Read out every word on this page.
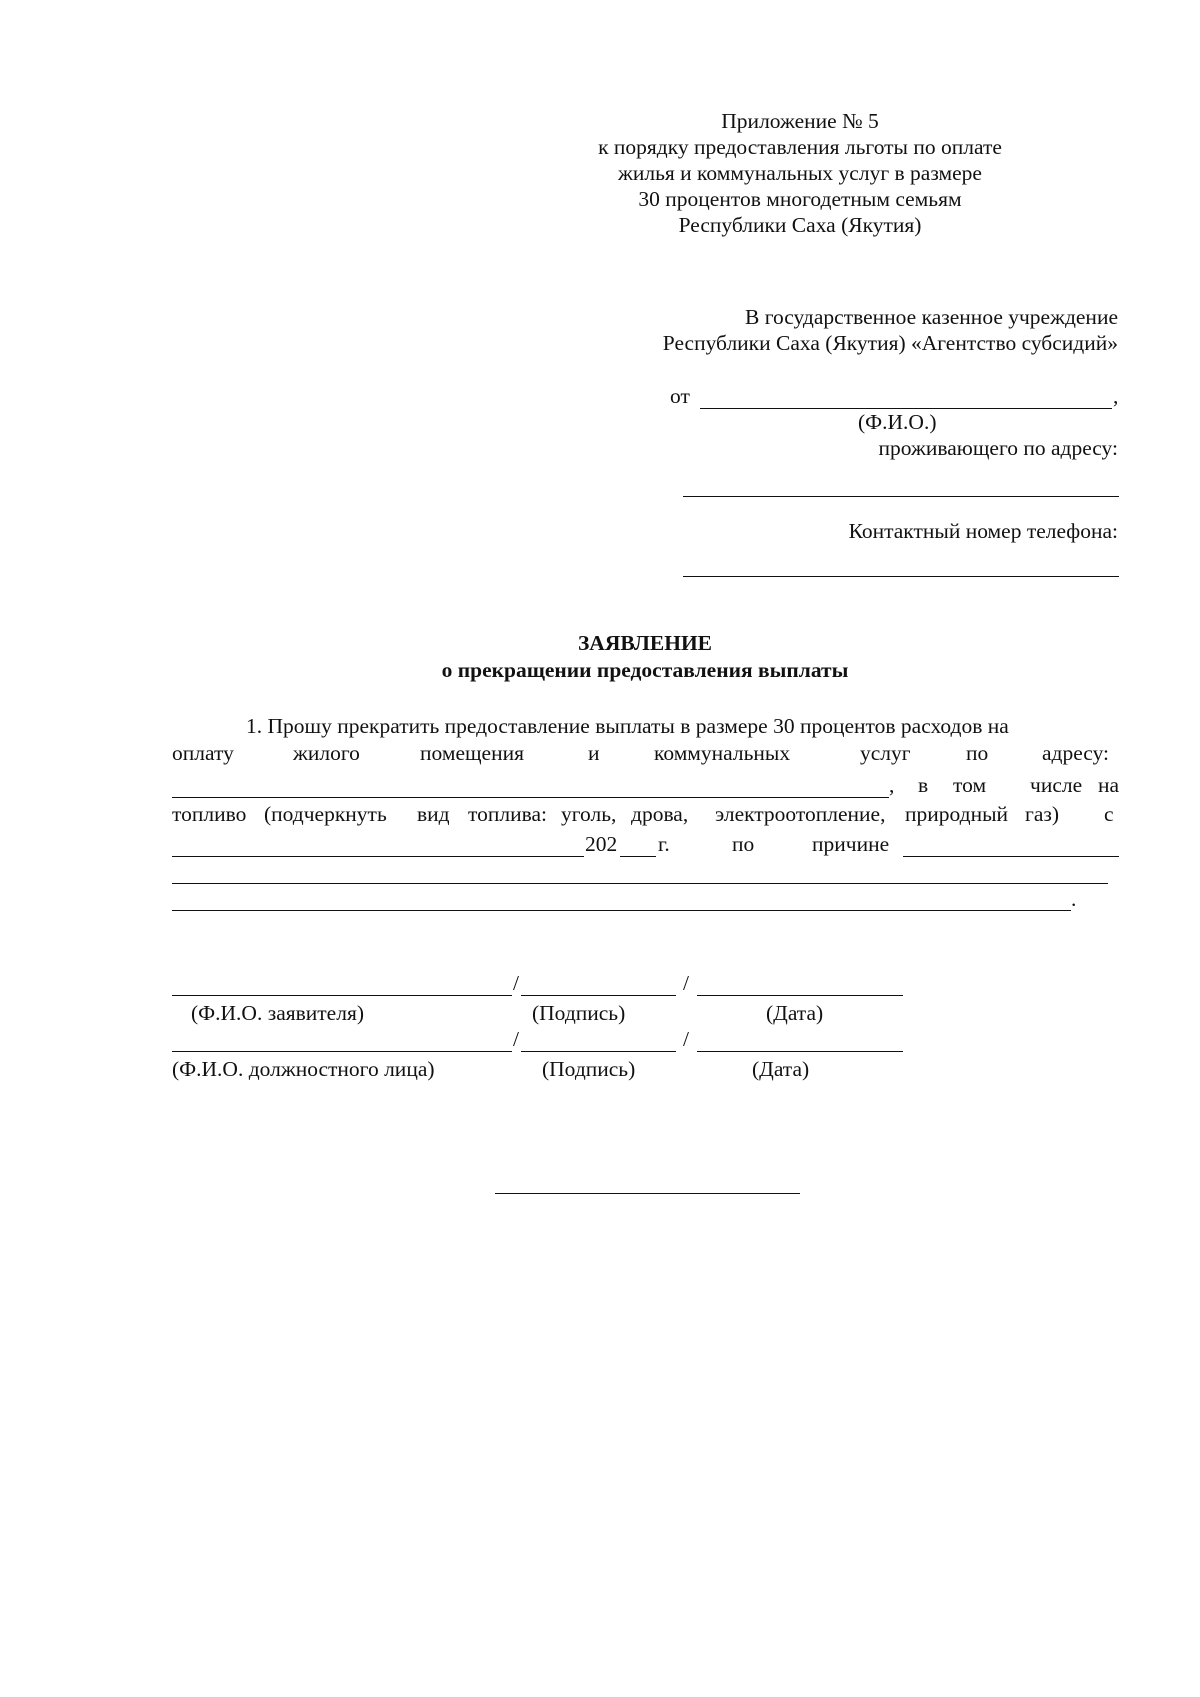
Приложение № 5
к порядку предоставления льготы по оплате
жилья и коммунальных услуг в размере
30 процентов многодетным семьям
Республики Саха (Якутия)
В государственное казенное учреждение
Республики Саха (Якутия) «Агентство субсидий»
от	,
(Ф.И.О.)
проживающего по адресу:
Контактный номер телефона:
ЗАЯВЛЕНИЕ
о прекращении предоставления выплаты
1. Прошу прекратить предоставление выплаты в размере 30 процентов расходов на
оплату	жилого	помещения	и	коммунальных	услуг	по адресу:
, в том числе на
топливо (подчеркнуть вид топлива: уголь, дрова, электроотопление, природный газ) с
202 г.	по	причине
.
/	/
(Ф.И.О. заявителя)	(Подпись)	(Дата)
/	/
(Ф.И.О. должностного лица)	(Подпись)	(Дата)
